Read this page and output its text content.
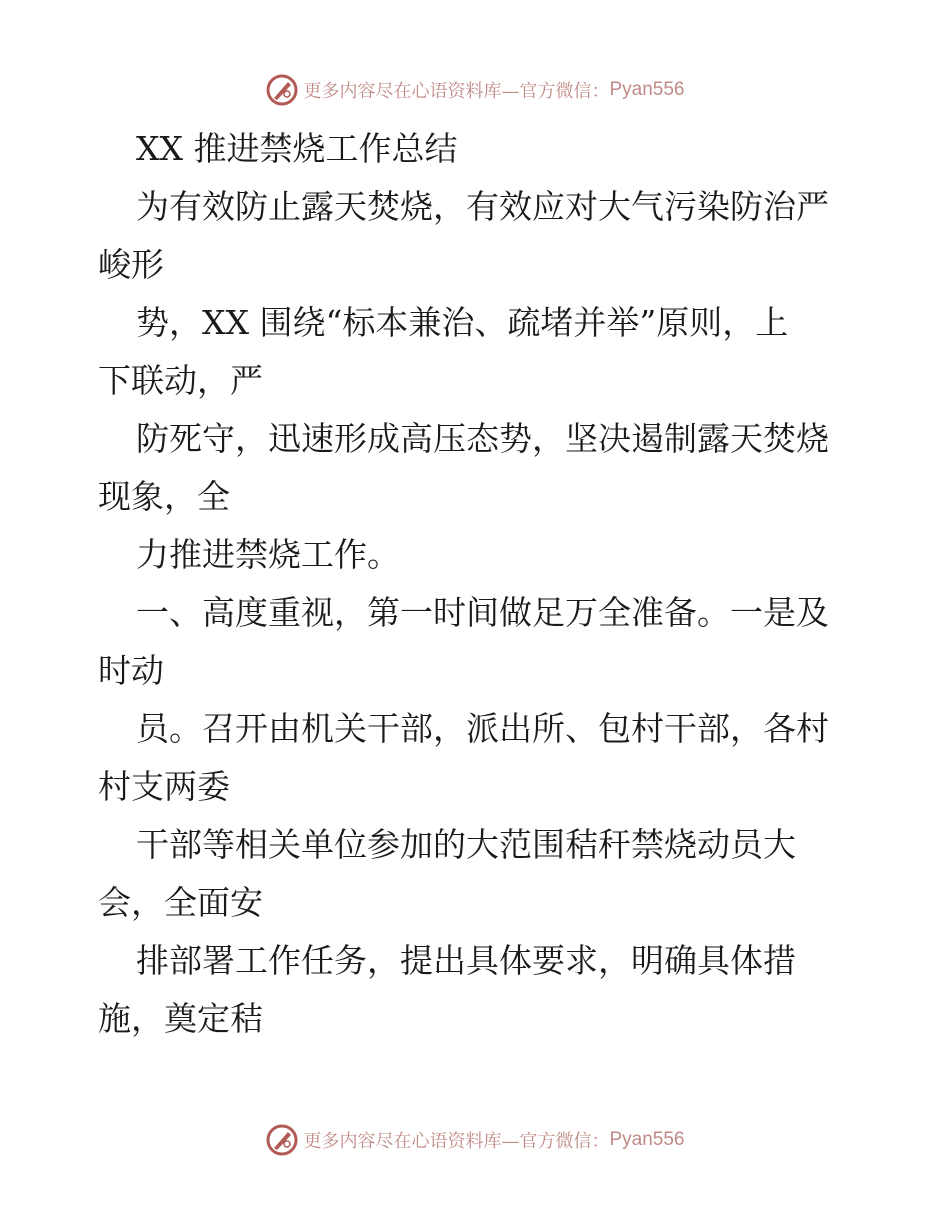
更多内容尽在心语资料库—官方微信： Pyan556
XX 推进禁烧工作总结
为有效防止露天焚烧，有效应对大气污染防治严
峻形
势，XX 围绕“标本兼治、疏堵并举”原则，上
下联动，严
防死守，迅速形成高压态势，坚决遏制露天焚烧
现象，全
力推进禁烧工作。
一、高度重视，第一时间做足万全准备。一是及
时动
员。召开由机关干部，派出所、包村干部，各村
村支两委
干部等相关单位参加的大范围秸秆禁烧动员大
会，全面安
排部署工作任务，提出具体要求，明确具体措
施，奠定秸
更多内容尽在心语资料库—官方微信： Pyan556
